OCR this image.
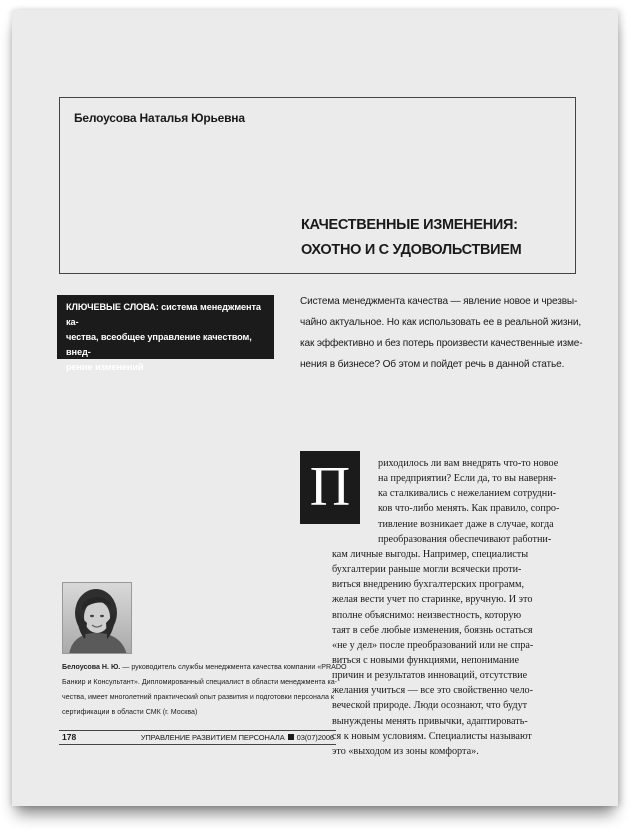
Белоусова Наталья Юрьевна
КАЧЕСТВЕННЫЕ ИЗМЕНЕНИЯ:
ОХОТНО И С УДОВОЛЬСТВИЕМ
КЛЮЧЕВЫЕ СЛОВА: система менеджмента ка-
чества, всеобщее управление качеством, внед-
рение изменений
Система менеджмента качества — явление новое и чрезвы-
чайно актуальное. Но как использовать ее в реальной жизни,
как эффективно и без потерь произвести качественные изме-
нения в бизнесе? Об этом и пойдет речь в данной статье.
П	риходилось ли вам внедрять что-то новое
на предприятии? Если да, то вы наверня-
ка сталкивались с нежеланием сотрудни-
ков что-либо менять. Как правило, сопро-
тивление возникает даже в случае, когда
преобразования обеспечивают работни-
кам личные выгоды. Например, специалисты
бухгалтерии раньше могли всячески проти-
виться внедрению бухгалтерских программ,
желая вести учет по старинке, вручную. И это
вполне объяснимо: неизвестность, которую
таят в себе любые изменения, боязнь остаться
«не у дел» после преобразований или не спра-
виться с новыми функциями, непонимание
причин и результатов инноваций, отсутствие
желания учиться — все это свойственно чело-
веческой природе. Люди осознают, что будут
вынуждены менять привычки, адаптировать-
ся к новым условиям. Специалисты называют
это «выходом из зоны комфорта».
Белоусова Н. Ю. — руководитель службы менеджмента качества компании «PRADO
Банкир и Консультант». Дипломированный специалист в области менеджмента ка-
чества, имеет многолетний практический опыт развития и подготовки персонала к
сертификации в области СМК (г. Москва)
178	УПРАВЛЕНИЕ РАЗВИТИЕМ ПЕРСОНАЛА 03(07)2006
